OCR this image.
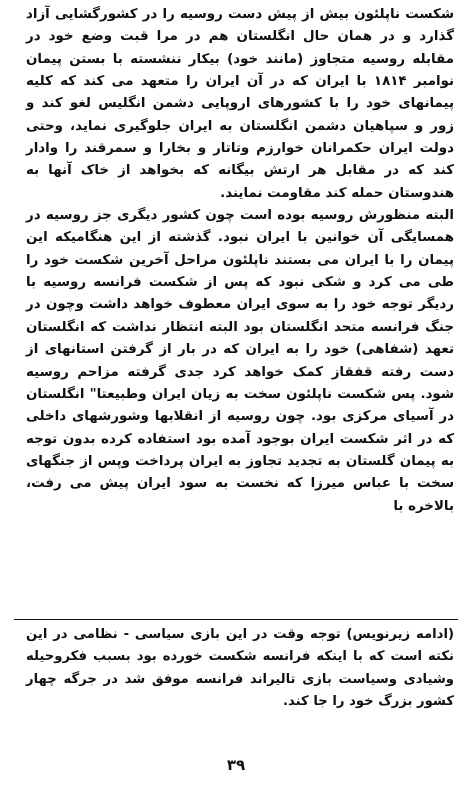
شکست ناپلئون بیش از پیش دست روسیه را در کشورگشایی آزاد گذارد و در همان حال انگلستان هم در مرا قبت وضع خود در مقابله روسیه متجاوز (مانند خود) بیکار ننشسته با بستن پیمان نوامبر ۱۸۱۴ با ایران که در آن ایران را متعهد می کند که کلیه پیمانهای خود را با کشورهای اروپایی دشمن انگلیس لغو کند و زور و سپاهیان دشمن انگلستان به ایران جلوگیری نماید، وحتی دولت ایران حکمرانان خوارزم وتاتار و بخارا و سمرقند را وادار کند که در مقابل هر ارتش بیگانه که بخواهد از خاک آنها به هندوستان حمله کند مقاومت نمایند.

البته منظورش روسیه بوده است چون کشور دیگری جز روسیه در همسایگی آن خوانین با ایران نبود. گذشته از این هنگامیکه این پیمان را با ایران می بستند ناپلئون مراحل آخرین شکست خود را طی می کرد و شکی نبود که پس از شکست فرانسه روسیه با ردیگر توجه خود را به سوی ایران معطوف خواهد داشت وچون در جنگ فرانسه متحد انگلستان بود البته انتظار نداشت که انگلستان تعهد (شفاهی) خود را به ایران که در بار از گرفتن استانهای از دست رفته قفقاز کمک خواهد کرد جدی گرفته مزاحم روسیه شود. پس شکست ناپلئون سخت به زیان ایران وطبیعتا" انگلستان در آسیای مرکزی بود. چون روسیه از انقلابها وشورشهای داخلی که در اثر شکست ایران بوجود آمده بود استفاده کرده بدون توجه به پیمان گلستان به تجدید تجاوز به ایران پرداخت وپس از جنگهای سخت با عباس میرزا که نخست به سود ایران پیش می رفت، بالاخره با

(ادامه زیرنویس) توجه وقت در این بازی سیاسی - نظامی در این نکته است که با اینکه فرانسه شکست خورده بود بسبب فکروحیله وشیادی وسیاست بازی تالیراند فرانسه موفق شد در جرگه چهار کشور بزرگ خود را جا کند.
۳۹
